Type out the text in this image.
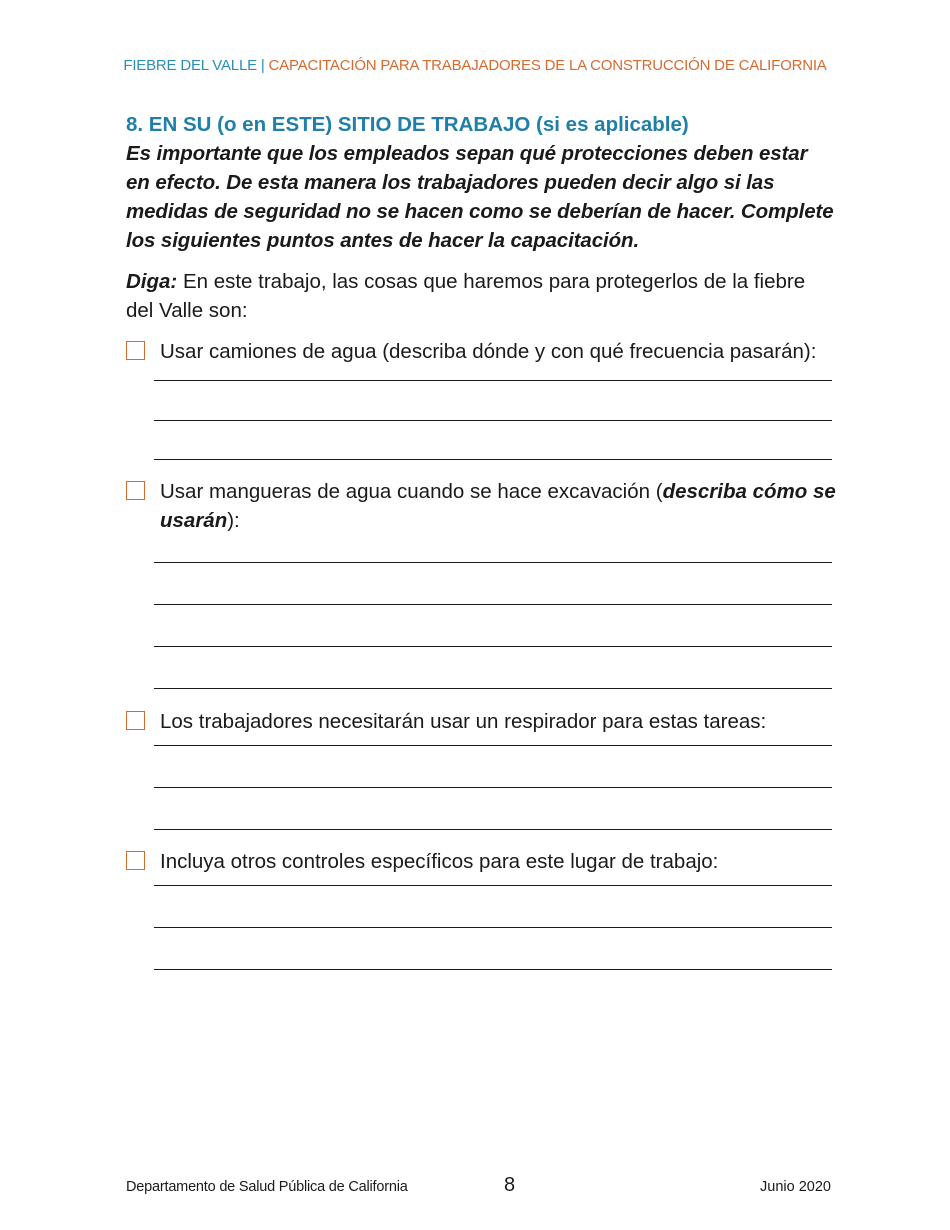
FIEBRE DEL VALLE | CAPACITACIÓN PARA TRABAJADORES DE LA CONSTRUCCIÓN DE CALIFORNIA
8. EN SU (o en ESTE) SITIO DE TRABAJO (si es aplicable)
Es importante que los empleados sepan qué protecciones deben estar en efecto. De esta manera los trabajadores pueden decir algo si las medidas de seguridad no se hacen como se deberían de hacer. Complete los siguientes puntos antes de hacer la capacitación.
Diga: En este trabajo, las cosas que haremos para protegerlos de la fiebre del Valle son:
Usar camiones de agua (describa dónde y con qué frecuencia pasarán):
Usar mangueras de agua cuando se hace excavación (describa cómo se usarán):
Los trabajadores necesitarán usar un respirador para estas tareas:
Incluya otros controles específicos para este lugar de trabajo:
Departamento de Salud Pública de California	8	Junio 2020
